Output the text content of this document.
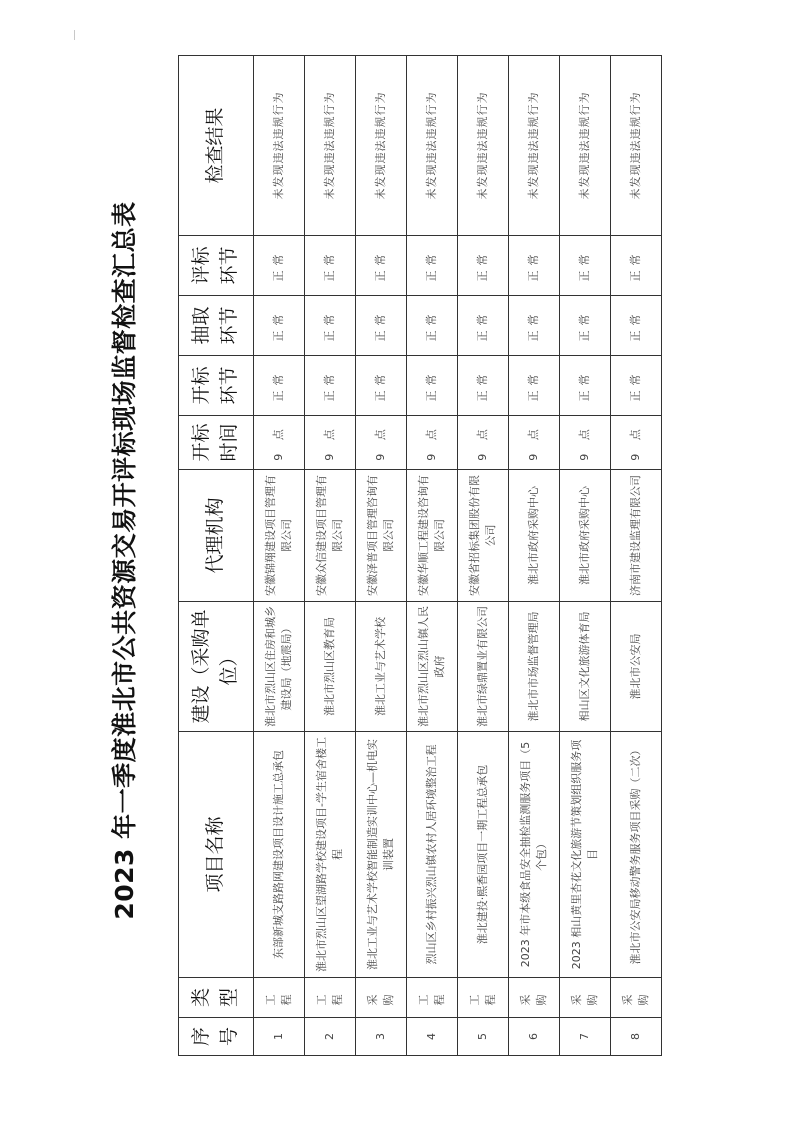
2023 年一季度淮北市公共资源交易开评标现场监督检查汇总表
序号	类型	项目名称	建设（采购单位）	代理机构	开标时间	开标环节	抽取环节	评标环节	检查结果
1	工程	东部新城支路路网建设项目设计施工总承包	淮北市烈山区住房和城乡建设局（地震局）	安徽锦翔建设项目管理有限公司	9 点	正常	正常	正常	未发现违法违规行为
2	工程	淮北市烈山区望湖路学校建设项目-学生宿舍楼工程	淮北市烈山区教育局	安徽众信建设项目管理有限公司	9 点	正常	正常	正常	未发现违法违规行为
3	采购	淮北工业与艺术学校智能制造实训中心—机电实训装置	淮北工业与艺术学校	安徽泽普项目管理咨询有限公司	9 点	正常	正常	正常	未发现违法违规行为
4	工程	烈山区乡村振兴烈山镇农村人居环境整治工程	淮北市烈山区烈山镇人民政府	安徽华顺工程建设咨询有限公司	9 点	正常	正常	正常	未发现违法违规行为
5	工程	淮北建投·熙香园项目一期工程总承包	淮北市绿鼎置业有限公司	安徽省招标集团股份有限公司	9 点	正常	正常	正常	未发现违法违规行为
6	采购	2023 年市本级食品安全抽检监测服务项目（5 个包）	淮北市市场监督管理局	淮北市政府采购中心	9 点	正常	正常	正常	未发现违法违规行为
7	采购	2023 相山黄里杏花文化旅游节策划组织服务项目	相山区文化旅游体育局	淮北市政府采购中心	9 点	正常	正常	正常	未发现违法违规行为
8	采购	淮北市公安局移动警务服务项目采购（二次）	淮北市公安局	济南市建设监理有限公司	9 点	正常	正常	正常	未发现违法违规行为
